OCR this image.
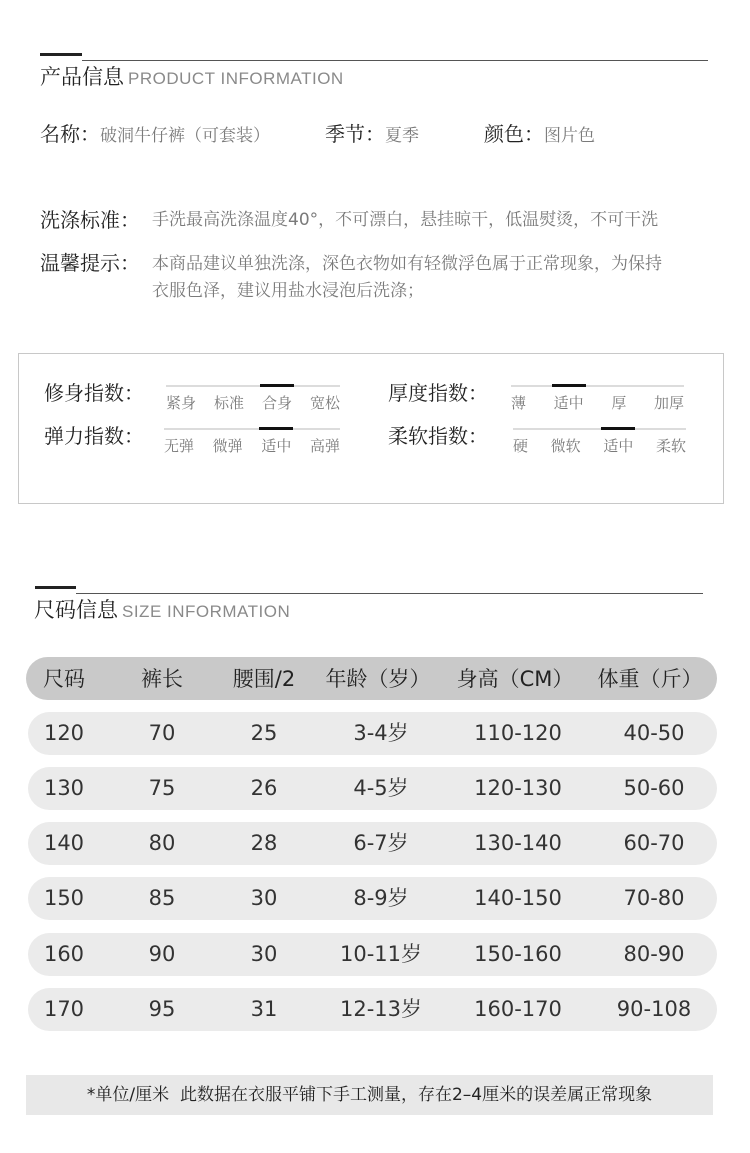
产品信息 PRODUCT INFORMATION
名称：破洞牛仔裤（可套装）	季节：夏季	颜色：图片色
洗涤标准： 手洗最高洗涤温度40°，不可漂白，悬挂晾干，低温熨烫，不可干洗
温馨提示： 本商品建议单独洗涤，深色衣物如有轻微浮色属于正常现象，为保持
衣服色泽，建议用盐水浸泡后洗涤；
修身指数： 紧身 标准 合身 宽松
弹力指数： 无弹 微弹 适中 高弹
厚度指数： 薄 适中 厚 加厚
柔软指数： 硬 微软 适中 柔软
尺码信息 SIZE INFORMATION
尺码	裤长	腰围/2	年龄（岁）	身高（CM）	体重（斤）
120	70	25	3-4岁	110-120	40-50
130	75	26	4-5岁	120-130	50-60
140	80	28	6-7岁	130-140	60-70
150	85	30	8-9岁	140-150	70-80
160	90	30	10-11岁	150-160	80-90
170	95	31	12-13岁	160-170	90-108
*单位/厘米  此数据在衣服平铺下手工测量，存在2–4厘米的误差属正常现象
